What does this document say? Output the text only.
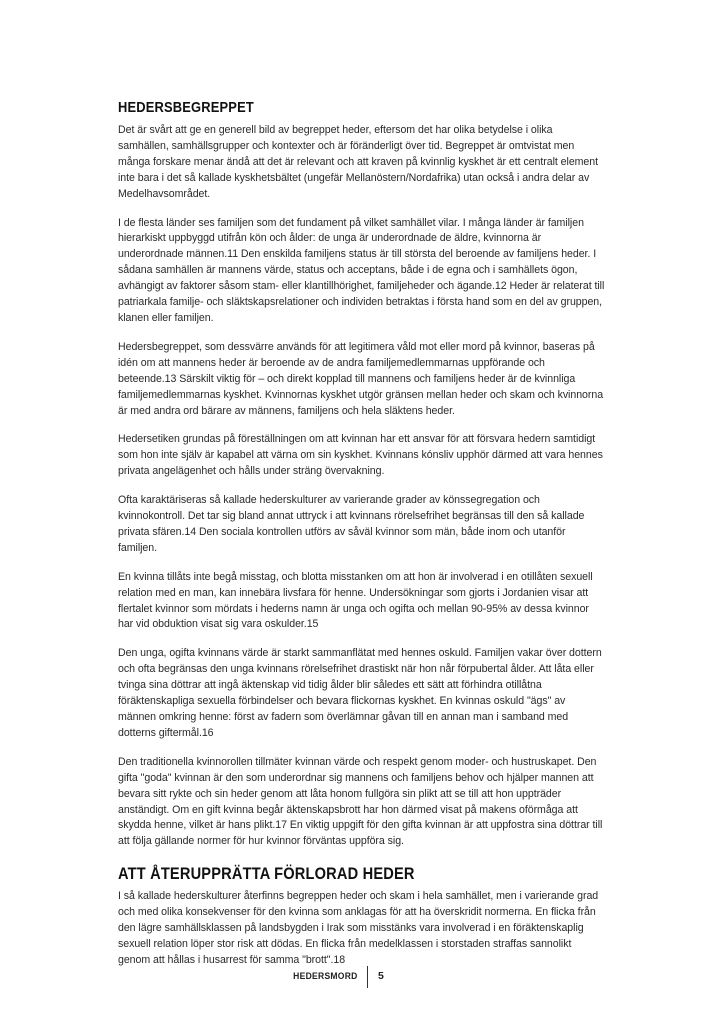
HEDERSBEGREPPET

Det är svårt att ge en generell bild av begreppet heder, eftersom det har olika betydelse i olika samhällen, samhällsgrupper och kontexter och är föränderligt över tid. Begreppet är omtvistat men många forskare menar ändå att det är relevant och att kraven på kvinnlig kyskhet är ett centralt element inte bara i det så kallade kyskhetsbältet (ungefär Mellanöstern/Nordafrika) utan också i andra delar av Medelhavsområdet.

I de flesta länder ses familjen som det fundament på vilket samhället vilar. I många länder är familjen hierarkiskt uppbyggd utifrån kön och ålder: de unga är underordnade de äldre, kvinnorna är underordnade männen.11 Den enskilda familjens status är till största del beroende av familjens heder. I sådana samhällen är mannens värde, status och acceptans, både i de egna och i samhällets ögon, avhängigt av faktorer såsom stam- eller klantillhörighet, familjeheder och ägande.12 Heder är relaterat till patriarkala familje- och släktskapsrelationer och individen betraktas i första hand som en del av gruppen, klanen eller familjen.

Hedersbegreppet, som dessvärre används för att legitimera våld mot eller mord på kvinnor, baseras på idén om att mannens heder är beroende av de andra familjemedlemmarnas uppförande och beteende.13 Särskilt viktig för – och direkt kopplad till mannens och familjens heder är de kvinnliga familjemedlemmarnas kyskhet. Kvinnornas kyskhet utgör gränsen mellan heder och skam och kvinnorna är med andra ord bärare av männens, familjens och hela släktens heder.

Hedersetiken grundas på föreställningen om att kvinnan har ett ansvar för att försvara hedern samtidigt som hon inte själv är kapabel att värna om sin kyskhet. Kvinnans kónsliv upphör därmed att vara hennes privata angelägenhet och hålls under sträng övervakning.

Ofta karaktäriseras så kallade hederskulturer av varierande grader av könssegregation och kvinnokontroll. Det tar sig bland annat uttryck i att kvinnans rörelsefrihet begränsas till den så kallade privata sfären.14 Den sociala kontrollen utförs av såväl kvinnor som män, både inom och utanför familjen.

En kvinna tillåts inte begå misstag, och blotta misstanken om att hon är involverad i en otillåten sexuell relation med en man, kan innebära livsfara för henne. Undersökningar som gjorts i Jordanien visar att flertalet kvinnor som mördats i hederns namn är unga och ogifta och mellan 90-95% av dessa kvinnor har vid obduktion visat sig vara oskulder.15

Den unga, ogifta kvinnans värde är starkt sammanflätat med hennes oskuld. Familjen vakar över dottern och ofta begränsas den unga kvinnans rörelsefrihet drastiskt när hon når förpubertal ålder. Att låta eller tvinga sina döttrar att ingå äktenskap vid tidig ålder blir således ett sätt att förhindra otillåtna föräktenskapliga sexuella förbindelser och bevara flickornas kyskhet. En kvinnas oskuld "ägs" av männen omkring henne: först av fadern som överlämnar gåvan till en annan man i samband med dotterns giftermål.16

Den traditionella kvinnorollen tillmäter kvinnan värde och respekt genom moder- och hustruskapet. Den gifta "goda" kvinnan är den som underordnar sig mannens och familjens behov och hjälper mannen att bevara sitt rykte och sin heder genom att låta honom fullgöra sin plikt att se till att hon uppträder anständigt. Om en gift kvinna begår äktenskapsbrott har hon därmed visat på makens oförmåga att skydda henne, vilket är hans plikt.17 En viktig uppgift för den gifta kvinnan är att uppfostra sina döttrar till att följa gällande normer för hur kvinnor förväntas uppföra sig.

ATT ÅTERUPPRÄTTA FÖRLORAD HEDER

I så kallade hederskulturer återfinns begreppen heder och skam i hela samhället, men i varierande grad och med olika konsekvenser för den kvinna som anklagas för att ha överskridit normerna. En flicka från den lägre samhällsklassen på landsbygden i Irak som misstänks vara involverad i en föräktenskaplig sexuell relation löper stor risk att dödas. En flicka från medelklassen i storstaden straffas sannolikt genom att hållas i husarrest för samma "brott".18

HEDERSMORD 5
